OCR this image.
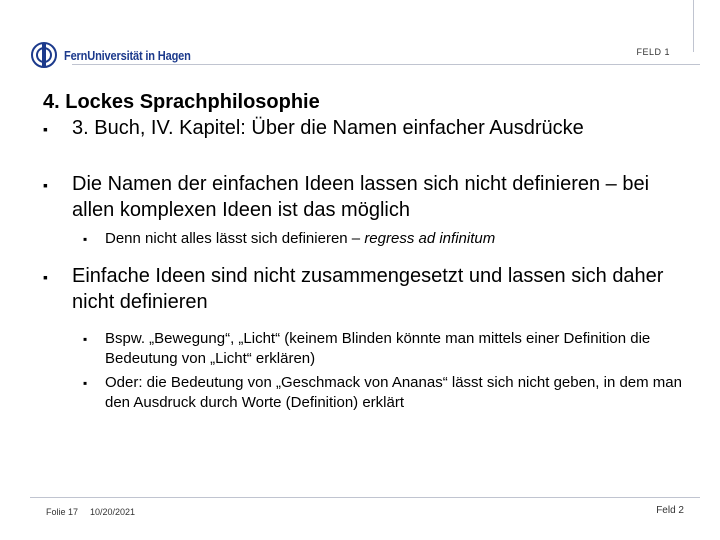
FernUniversität in Hagen	FELD 1

4. Lockes Sprachphilosophie

▪ 3. Buch, IV. Kapitel: Über die Namen einfacher Ausdrücke

▪ Die Namen der einfachen Ideen lassen sich nicht definieren – bei allen komplexen Ideen ist das möglich

▪ Denn nicht alles lässt sich definieren – regress ad infinitum

▪ Einfache Ideen sind nicht zusammengesetzt und lassen sich daher nicht definieren

▪ Bspw. „Bewegung“, „Licht“ (keinem Blinden könnte man mittels einer Definition die Bedeutung von „Licht“ erklären)

▪ Oder: die Bedeutung von „Geschmack von Ananas“ lässt sich nicht geben, in dem man den Ausdruck durch Worte (Definition) erklärt

Folie 17 10/20/2021	Feld 2
